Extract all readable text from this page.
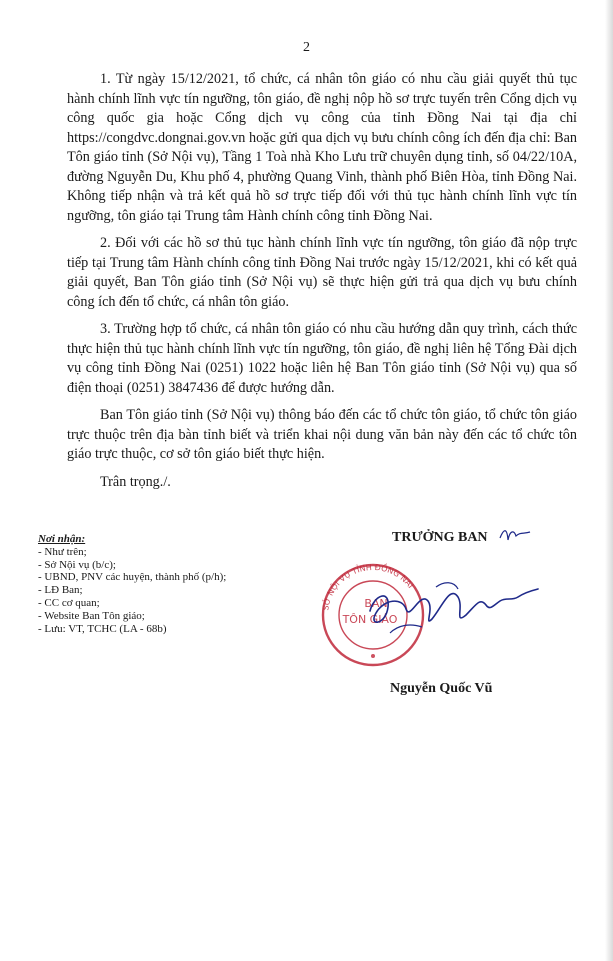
2

1. Từ ngày 15/12/2021, tổ chức, cá nhân tôn giáo có nhu cầu giải quyết thủ tục hành chính lĩnh vực tín ngưỡng, tôn giáo, đề nghị nộp hồ sơ trực tuyến trên Cổng dịch vụ công quốc gia hoặc Cổng dịch vụ công của tỉnh Đồng Nai tại địa chỉ https://congdvc.dongnai.gov.vn hoặc gửi qua dịch vụ bưu chính công ích đến địa chỉ: Ban Tôn giáo tỉnh (Sở Nội vụ), Tầng 1 Toà nhà Kho Lưu trữ chuyên dụng tỉnh, số 04/22/10A, đường Nguyễn Du, Khu phố 4, phường Quang Vinh, thành phố Biên Hòa, tỉnh Đồng Nai. Không tiếp nhận và trả kết quả hồ sơ trực tiếp đối với thủ tục hành chính lĩnh vực tín ngưỡng, tôn giáo tại Trung tâm Hành chính công tỉnh Đồng Nai.

2. Đối với các hồ sơ thủ tục hành chính lĩnh vực tín ngưỡng, tôn giáo đã nộp trực tiếp tại Trung tâm Hành chính công tỉnh Đồng Nai trước ngày 15/12/2021, khi có kết quả giải quyết, Ban Tôn giáo tỉnh (Sở Nội vụ) sẽ thực hiện gửi trả qua dịch vụ bưu chính công ích đến tổ chức, cá nhân tôn giáo.

3. Trường hợp tổ chức, cá nhân tôn giáo có nhu cầu hướng dẫn quy trình, cách thức thực hiện thủ tục hành chính lĩnh vực tín ngưỡng, tôn giáo, đề nghị liên hệ Tổng Đài dịch vụ công tỉnh Đồng Nai (0251) 1022 hoặc liên hệ Ban Tôn giáo tỉnh (Sở Nội vụ) qua số điện thoại (0251) 3847436 để được hướng dẫn.

Ban Tôn giáo tỉnh (Sở Nội vụ) thông báo đến các tổ chức tôn giáo, tổ chức tôn giáo trực thuộc trên địa bàn tỉnh biết và triển khai nội dung văn bản này đến các tổ chức tôn giáo trực thuộc, cơ sở tôn giáo biết thực hiện.

Trân trọng./.

Nơi nhận:
- Như trên;
- Sở Nội vụ (b/c);
- UBND, PNV các huyện, thành phố (p/h);
- LĐ Ban;
- CC cơ quan;
- Website Ban Tôn giáo;
- Lưu: VT, TCHC (LA - 68b)
TRƯỞNG BAN
SỞ NỘI VỤ TỈNH ĐỒNG NAI
BAN
TÔN GIÁO
Nguyễn Quốc Vũ
